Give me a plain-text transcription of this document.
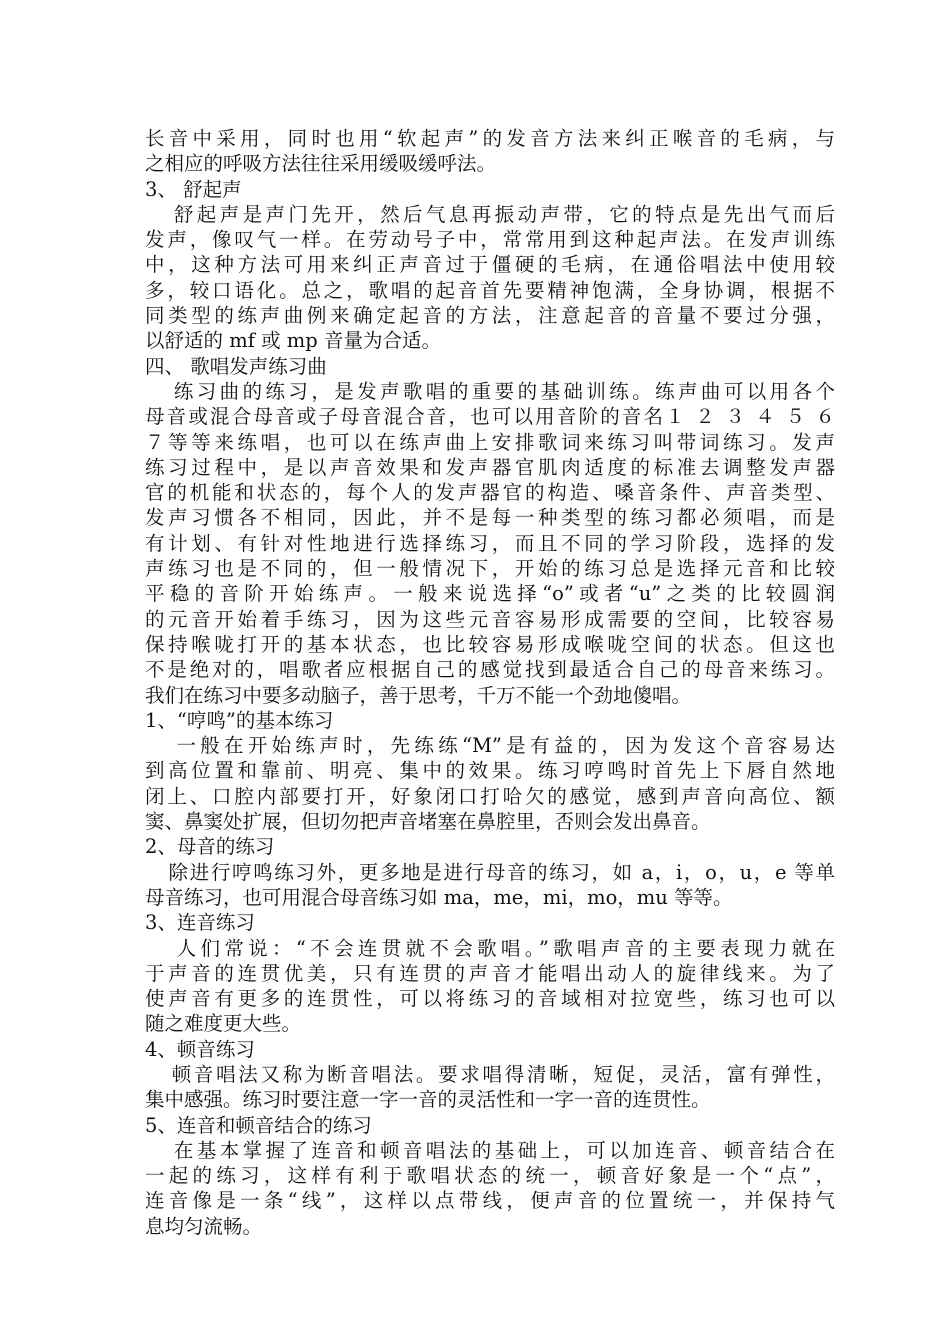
长音中采用，同时也用“软起声”的发音方法来纠正喉音的毛病，与
之相应的呼吸方法往往采用缓吸缓呼法。
3、 舒起声
舒起声是声门先开，然后气息再振动声带，它的特点是先出气而后
发声，像叹气一样。在劳动号子中，常常用到这种起声法。在发声训练
中，这种方法可用来纠正声音过于僵硬的毛病，在通俗唱法中使用较
多，较口语化。总之，歌唱的起音首先要精神饱满，全身协调，根据不
同类型的练声曲例来确定起音的方法，注意起音的音量不要过分强，
以舒适的 mf 或 mp 音量为合适。
四、 歌唱发声练习曲
练习曲的练习，是发声歌唱的重要的基础训练。练声曲可以用各个
母音或混合母音或子母音混合音，也可以用音阶的音名１ ２ ３ ４ ５ ６
７等等来练唱，也可以在练声曲上安排歌词来练习叫带词练习。发声
练习过程中，是以声音效果和发声器官肌肉适度的标准去调整发声器
官的机能和状态的，每个人的发声器官的构造、嗓音条件、声音类型、
发声习惯各不相同，因此，并不是每一种类型的练习都必须唱，而是
有计划、有针对性地进行选择练习，而且不同的学习阶段，选择的发
声练习也是不同的，但一般情况下，开始的练习总是选择元音和比较
平稳的音阶开始练声。一般来说选择“o”或者“u”之类的比较圆润
的元音开始着手练习，因为这些元音容易形成需要的空间，比较容易
保持喉咙打开的基本状态，也比较容易形成喉咙空间的状态。但这也
不是绝对的，唱歌者应根据自己的感觉找到最适合自己的母音来练习。
我们在练习中要多动脑子，善于思考，千万不能一个劲地傻唱。
1、“哼鸣”的基本练习
一般在开始练声时，先练练“M”是有益的，因为发这个音容易达
到高位置和靠前、明亮、集中的效果。练习哼鸣时首先上下唇自然地
闭上、口腔内部要打开，好象闭口打哈欠的感觉，感到声音向高位、额
窦、鼻窦处扩展，但切勿把声音堵塞在鼻腔里，否则会发出鼻音。
2、母音的练习
除进行哼鸣练习外，更多地是进行母音的练习，如 a，i，o，u，e 等单
母音练习，也可用混合母音练习如 ma，me，mi，mo，mu 等等。
3、连音练习
人们常说：“不会连贯就不会歌唱。”歌唱声音的主要表现力就在
于声音的连贯优美，只有连贯的声音才能唱出动人的旋律线来。为了
使声音有更多的连贯性，可以将练习的音域相对拉宽些，练习也可以
随之难度更大些。
4、顿音练习
顿音唱法又称为断音唱法。要求唱得清晰，短促，灵活，富有弹性，
集中感强。练习时要注意一字一音的灵活性和一字一音的连贯性。
5、连音和顿音结合的练习
在基本掌握了连音和顿音唱法的基础上，可以加连音、顿音结合在
一起的练习，这样有利于歌唱状态的统一，顿音好象是一个“点”，
连音像是一条“线”，这样以点带线，便声音的位置统一，并保持气
息均匀流畅。
